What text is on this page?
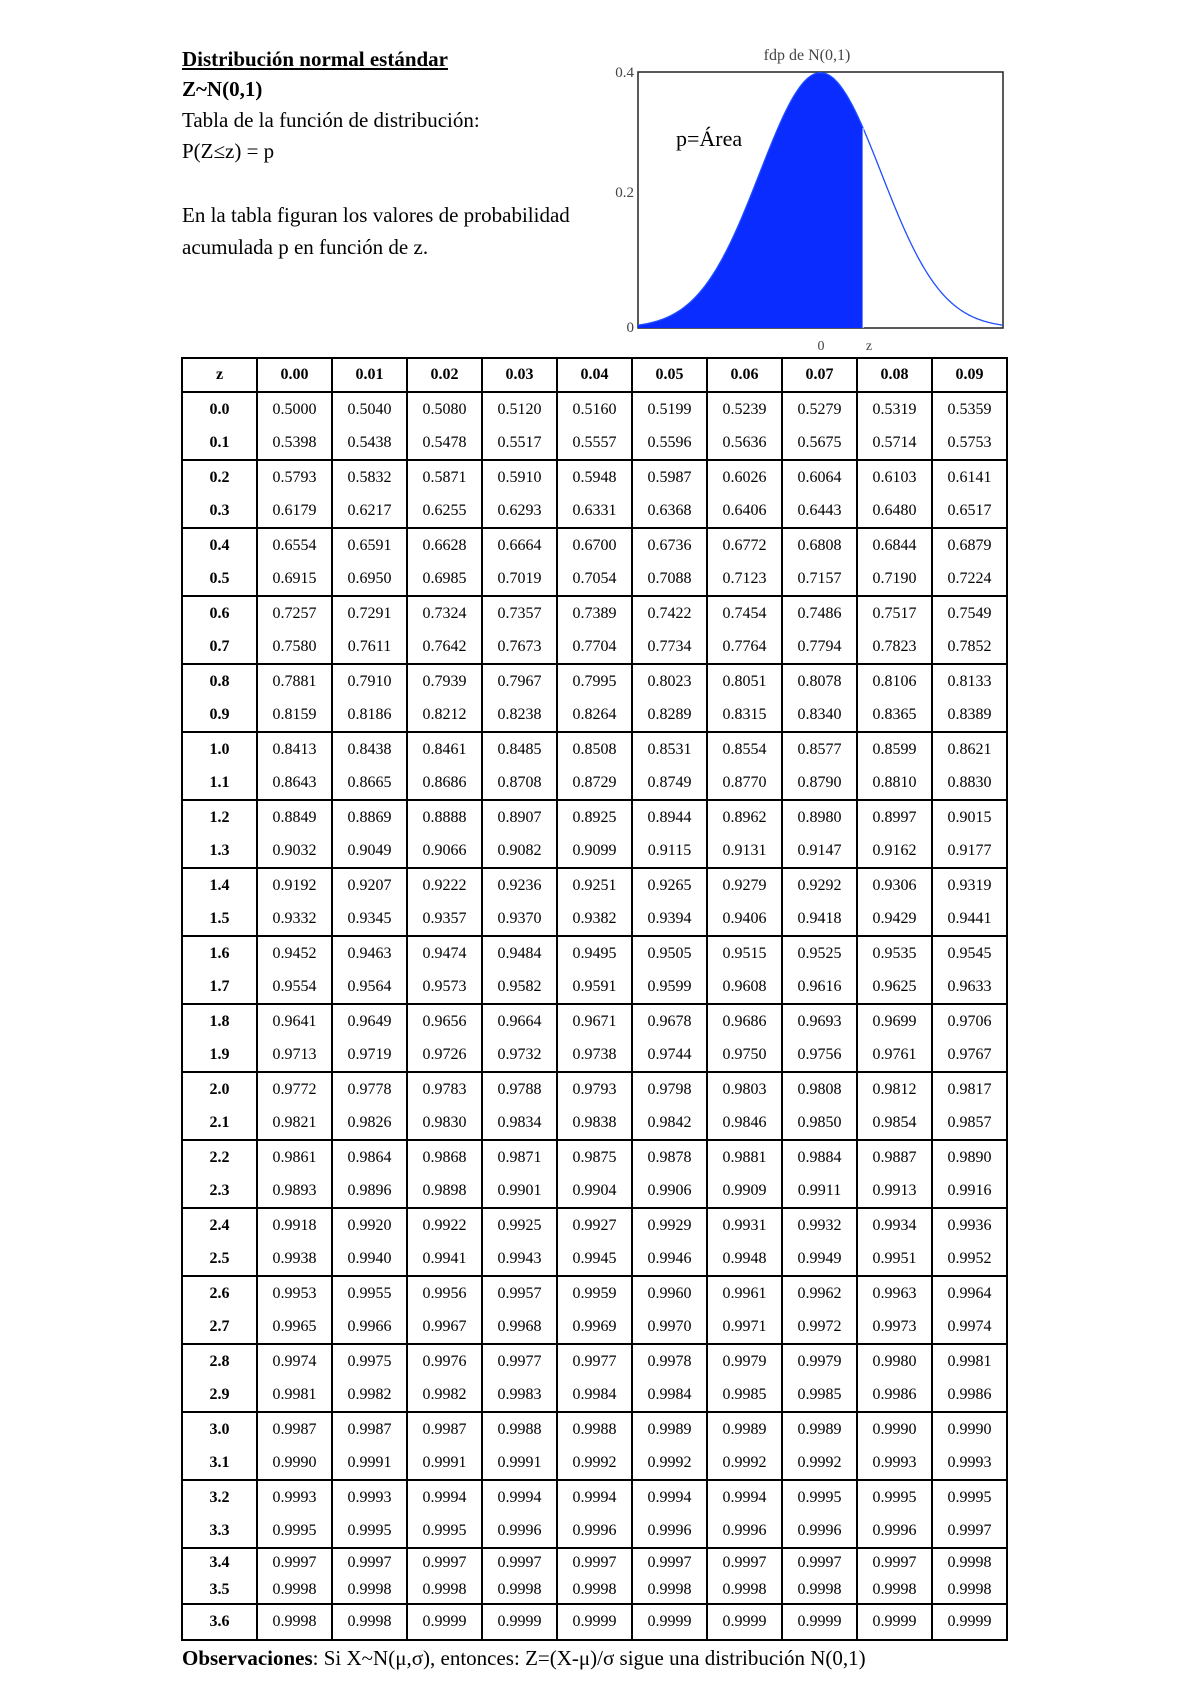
Distribución normal estándar
Z~N(0,1)
Tabla de la función de distribución:
P(Z≤z) = p
En la tabla figuran los valores de probabilidad acumulada p en función de z.
fdp de N(0,1)
0.4
0.2
0
0	z
p=Área
z	0.00	0.01	0.02	0.03	0.04	0.05	0.06	0.07	0.08	0.09
0.0	0.5000	0.5040	0.5080	0.5120	0.5160	0.5199	0.5239	0.5279	0.5319	0.5359
0.1	0.5398	0.5438	0.5478	0.5517	0.5557	0.5596	0.5636	0.5675	0.5714	0.5753
0.2	0.5793	0.5832	0.5871	0.5910	0.5948	0.5987	0.6026	0.6064	0.6103	0.6141
0.3	0.6179	0.6217	0.6255	0.6293	0.6331	0.6368	0.6406	0.6443	0.6480	0.6517
0.4	0.6554	0.6591	0.6628	0.6664	0.6700	0.6736	0.6772	0.6808	0.6844	0.6879
0.5	0.6915	0.6950	0.6985	0.7019	0.7054	0.7088	0.7123	0.7157	0.7190	0.7224
0.6	0.7257	0.7291	0.7324	0.7357	0.7389	0.7422	0.7454	0.7486	0.7517	0.7549
0.7	0.7580	0.7611	0.7642	0.7673	0.7704	0.7734	0.7764	0.7794	0.7823	0.7852
0.8	0.7881	0.7910	0.7939	0.7967	0.7995	0.8023	0.8051	0.8078	0.8106	0.8133
0.9	0.8159	0.8186	0.8212	0.8238	0.8264	0.8289	0.8315	0.8340	0.8365	0.8389
1.0	0.8413	0.8438	0.8461	0.8485	0.8508	0.8531	0.8554	0.8577	0.8599	0.8621
1.1	0.8643	0.8665	0.8686	0.8708	0.8729	0.8749	0.8770	0.8790	0.8810	0.8830
1.2	0.8849	0.8869	0.8888	0.8907	0.8925	0.8944	0.8962	0.8980	0.8997	0.9015
1.3	0.9032	0.9049	0.9066	0.9082	0.9099	0.9115	0.9131	0.9147	0.9162	0.9177
1.4	0.9192	0.9207	0.9222	0.9236	0.9251	0.9265	0.9279	0.9292	0.9306	0.9319
1.5	0.9332	0.9345	0.9357	0.9370	0.9382	0.9394	0.9406	0.9418	0.9429	0.9441
1.6	0.9452	0.9463	0.9474	0.9484	0.9495	0.9505	0.9515	0.9525	0.9535	0.9545
1.7	0.9554	0.9564	0.9573	0.9582	0.9591	0.9599	0.9608	0.9616	0.9625	0.9633
1.8	0.9641	0.9649	0.9656	0.9664	0.9671	0.9678	0.9686	0.9693	0.9699	0.9706
1.9	0.9713	0.9719	0.9726	0.9732	0.9738	0.9744	0.9750	0.9756	0.9761	0.9767
2.0	0.9772	0.9778	0.9783	0.9788	0.9793	0.9798	0.9803	0.9808	0.9812	0.9817
2.1	0.9821	0.9826	0.9830	0.9834	0.9838	0.9842	0.9846	0.9850	0.9854	0.9857
2.2	0.9861	0.9864	0.9868	0.9871	0.9875	0.9878	0.9881	0.9884	0.9887	0.9890
2.3	0.9893	0.9896	0.9898	0.9901	0.9904	0.9906	0.9909	0.9911	0.9913	0.9916
2.4	0.9918	0.9920	0.9922	0.9925	0.9927	0.9929	0.9931	0.9932	0.9934	0.9936
2.5	0.9938	0.9940	0.9941	0.9943	0.9945	0.9946	0.9948	0.9949	0.9951	0.9952
2.6	0.9953	0.9955	0.9956	0.9957	0.9959	0.9960	0.9961	0.9962	0.9963	0.9964
2.7	0.9965	0.9966	0.9967	0.9968	0.9969	0.9970	0.9971	0.9972	0.9973	0.9974
2.8	0.9974	0.9975	0.9976	0.9977	0.9977	0.9978	0.9979	0.9979	0.9980	0.9981
2.9	0.9981	0.9982	0.9982	0.9983	0.9984	0.9984	0.9985	0.9985	0.9986	0.9986
3.0	0.9987	0.9987	0.9987	0.9988	0.9988	0.9989	0.9989	0.9989	0.9990	0.9990
3.1	0.9990	0.9991	0.9991	0.9991	0.9992	0.9992	0.9992	0.9992	0.9993	0.9993
3.2	0.9993	0.9993	0.9994	0.9994	0.9994	0.9994	0.9994	0.9995	0.9995	0.9995
3.3	0.9995	0.9995	0.9995	0.9996	0.9996	0.9996	0.9996	0.9996	0.9996	0.9997
3.4	0.9997	0.9997	0.9997	0.9997	0.9997	0.9997	0.9997	0.9997	0.9997	0.9998
3.5	0.9998	0.9998	0.9998	0.9998	0.9998	0.9998	0.9998	0.9998	0.9998	0.9998
3.6	0.9998	0.9998	0.9999	0.9999	0.9999	0.9999	0.9999	0.9999	0.9999	0.9999
Observaciones: Si X~N(μ,σ), entonces: Z=(X-μ)/σ sigue una distribución N(0,1)
